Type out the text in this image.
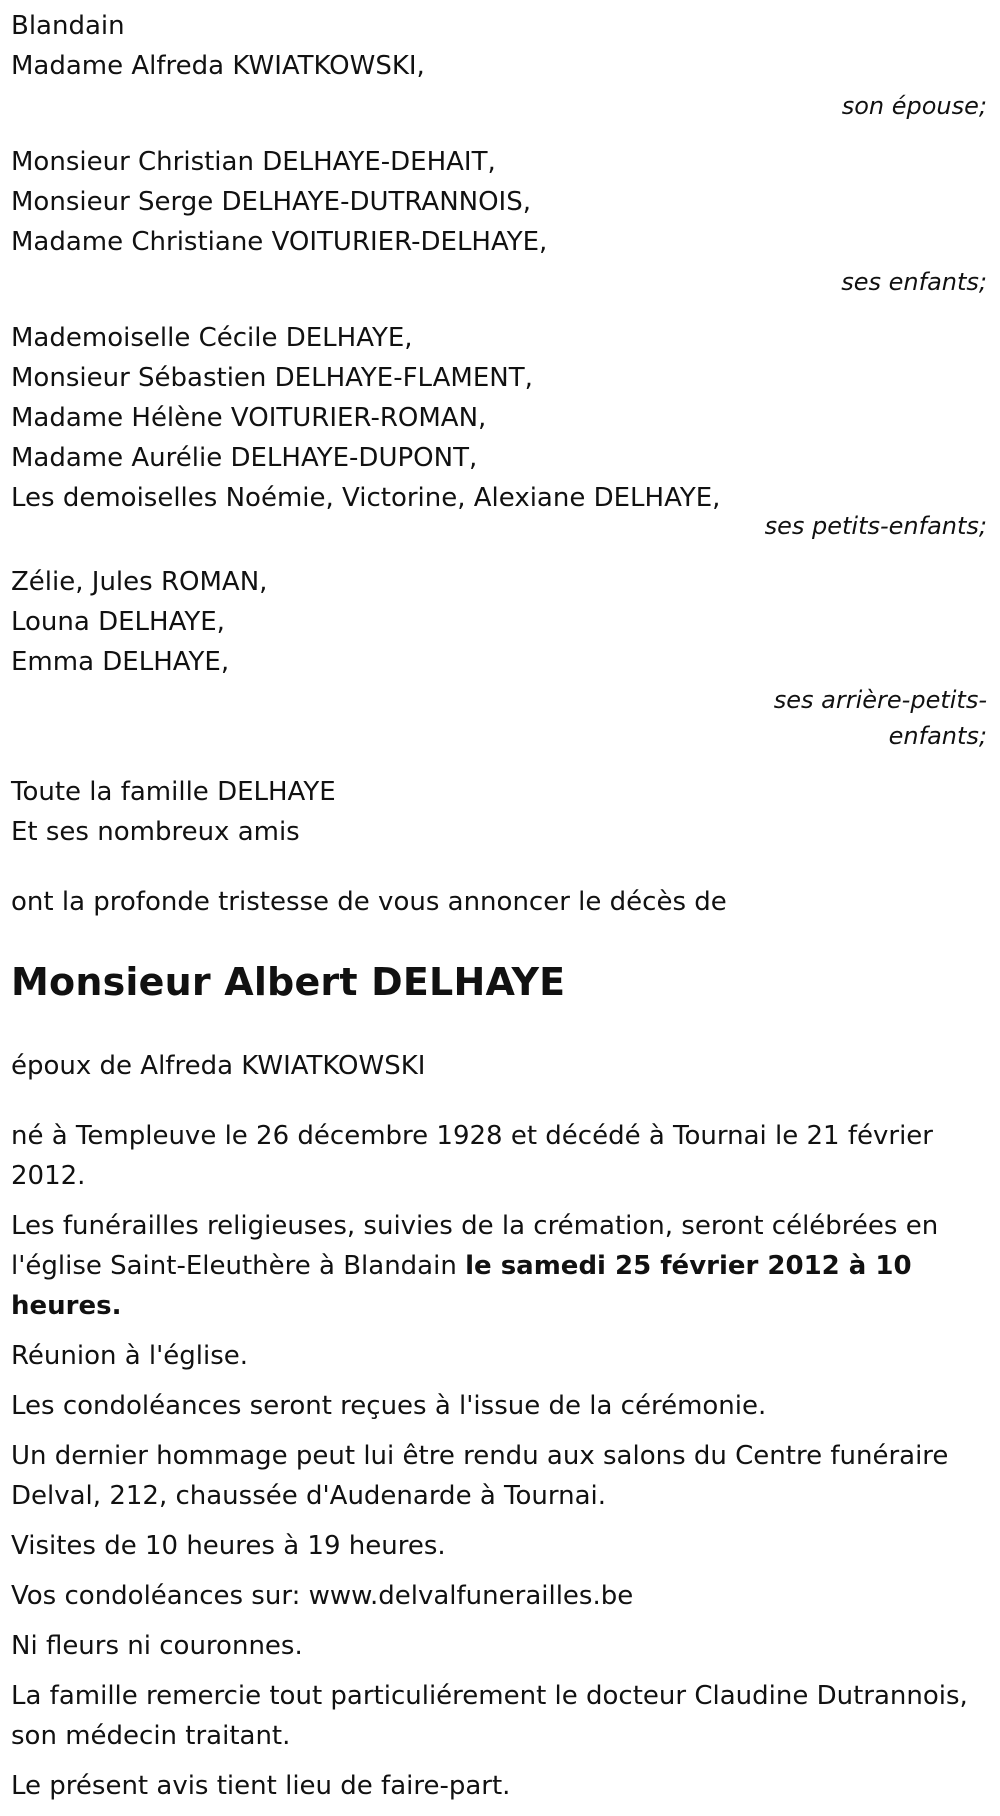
Blandain
Madame Alfreda KWIATKOWSKI,
son épouse;
Monsieur Christian DELHAYE-DEHAIT,
Monsieur Serge DELHAYE-DUTRANNOIS,
Madame Christiane VOITURIER-DELHAYE,
ses enfants;
Mademoiselle Cécile DELHAYE,
Monsieur Sébastien DELHAYE-FLAMENT,
Madame Hélène VOITURIER-ROMAN,
Madame Aurélie DELHAYE-DUPONT,
Les demoiselles Noémie, Victorine, Alexiane DELHAYE,
ses petits-enfants;
Zélie, Jules ROMAN,
Louna DELHAYE,
Emma DELHAYE,
ses arrière-petits-
enfants;
Toute la famille DELHAYE
Et ses nombreux amis
ont la profonde tristesse de vous annoncer le décès de
Monsieur Albert DELHAYE
époux de Alfreda KWIATKOWSKI
né à Templeuve le 26 décembre 1928 et décédé à Tournai le 21 février 2012.
Les funérailles religieuses, suivies de la crémation, seront célébrées en l'église Saint-Eleuthère à Blandain le samedi 25 février 2012 à 10 heures.
Réunion à l'église.
Les condoléances seront reçues à l'issue de la cérémonie.
Un dernier hommage peut lui être rendu aux salons du Centre funéraire Delval, 212, chaussée d'Audenarde à Tournai.
Visites de 10 heures à 19 heures.
Vos condoléances sur: www.delvalfunerailles.be
Ni fleurs ni couronnes.
La famille remercie tout particuliérement le docteur Claudine Dutrannois, son médecin traitant.
Le présent avis tient lieu de faire-part.
